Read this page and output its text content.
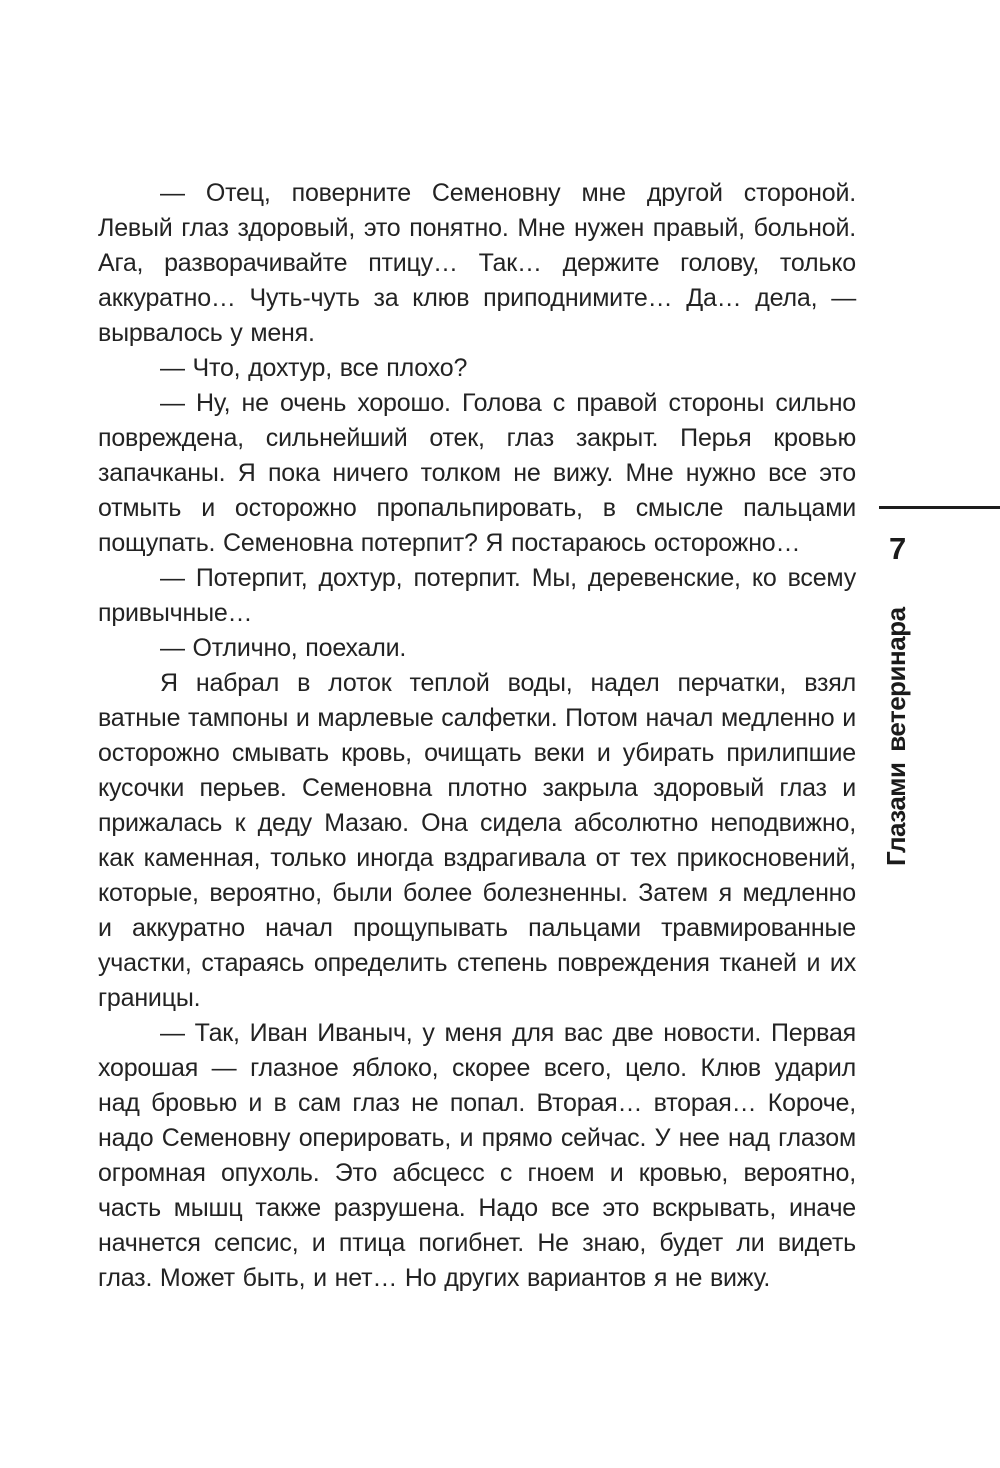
— Отец, поверните Семеновну мне другой стороной. Левый глаз здоровый, это понятно. Мне нужен правый, больной. Ага, разворачивайте птицу… Так… держите голову, только аккуратно… Чуть-чуть за клюв приподнимите… Да… дела, — вырвалось у меня.

— Что, дохтур, все плохо?

— Ну, не очень хорошо. Голова с правой стороны сильно повреждена, сильнейший отек, глаз закрыт. Перья кровью запачканы. Я пока ничего толком не вижу. Мне нужно все это отмыть и осторожно пропальпировать, в смысле пальцами пощупать. Семеновна потерпит? Я постараюсь осторожно…

— Потерпит, дохтур, потерпит. Мы, деревенские, ко всему привычные…

— Отлично, поехали.

Я набрал в лоток теплой воды, надел перчатки, взял ватные тампоны и марлевые салфетки. Потом начал медленно и осторожно смывать кровь, очищать веки и убирать прилипшие кусочки перьев. Семеновна плотно закрыла здоровый глаз и прижалась к деду Мазаю. Она сидела абсолютно неподвижно, как каменная, только иногда вздрагивала от тех прикосновений, которые, вероятно, были более болезненны. Затем я медленно и аккуратно начал прощупывать пальцами травмированные участки, стараясь определить степень повреждения тканей и их границы.

— Так, Иван Иваныч, у меня для вас две новости. Первая хорошая — глазное яблоко, скорее всего, цело. Клюв ударил над бровью и в сам глаз не попал. Вторая… вторая… Короче, надо Семеновну оперировать, и прямо сейчас. У нее над глазом огромная опухоль. Это абсцесс с гноем и кровью, вероятно, часть мышц также разрушена. Надо все это вскрывать, иначе начнется сепсис, и птица погибнет. Не знаю, будет ли видеть глаз. Может быть, и нет… Но других вариантов я не вижу.

7
Глазами ветеринара
